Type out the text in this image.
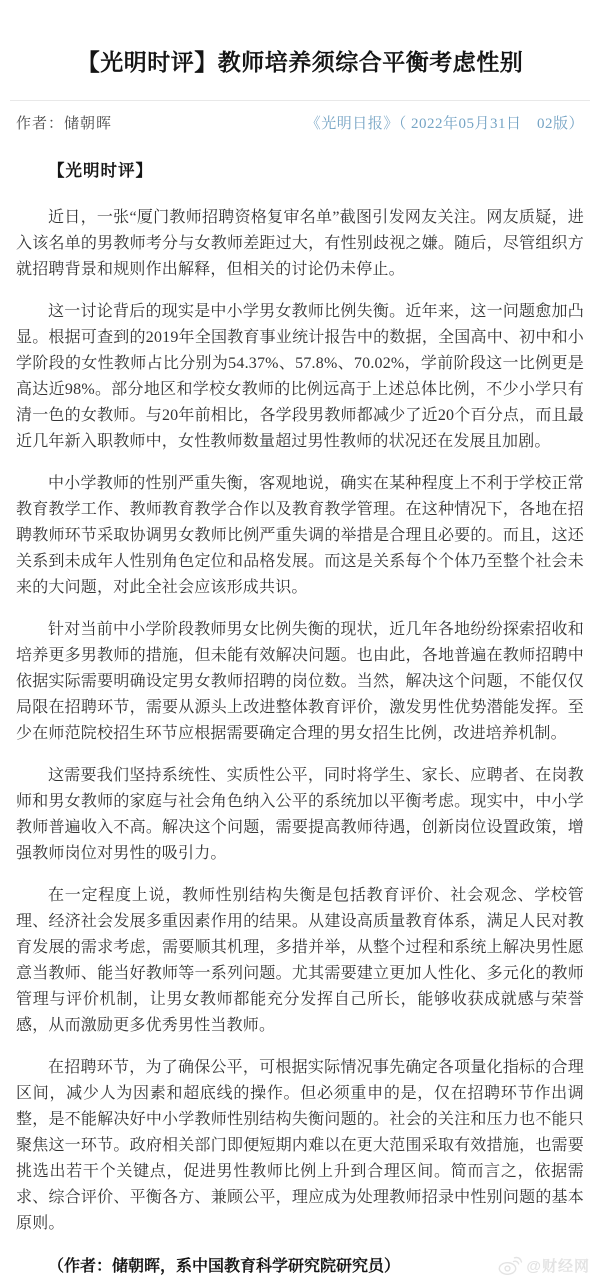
【光明时评】教师培养须综合平衡考虑性别
作者：储朝晖	《光明日报》（ 2022年05月31日　02版）

【光明时评】

近日，一张“厦门教师招聘资格复审名单”截图引发网友关注。网友质疑，进入该名单的男教师考分与女教师差距过大，有性别歧视之嫌。随后，尽管组织方就招聘背景和规则作出解释，但相关的讨论仍未停止。

这一讨论背后的现实是中小学男女教师比例失衡。近年来，这一问题愈加凸显。根据可查到的2019年全国教育事业统计报告中的数据，全国高中、初中和小学阶段的女性教师占比分别为54.37%、57.8%、70.02%，学前阶段这一比例更是高达近98%。部分地区和学校女教师的比例远高于上述总体比例，不少小学只有清一色的女教师。与20年前相比，各学段男教师都减少了近20个百分点，而且最近几年新入职教师中，女性教师数量超过男性教师的状况还在发展且加剧。

中小学教师的性别严重失衡，客观地说，确实在某种程度上不利于学校正常教育教学工作、教师教育教学合作以及教育教学管理。在这种情况下，各地在招聘教师环节采取协调男女教师比例严重失调的举措是合理且必要的。而且，这还关系到未成年人性别角色定位和品格发展。而这是关系每个个体乃至整个社会未来的大问题，对此全社会应该形成共识。

针对当前中小学阶段教师男女比例失衡的现状，近几年各地纷纷探索招收和培养更多男教师的措施，但未能有效解决问题。也由此，各地普遍在教师招聘中依据实际需要明确设定男女教师招聘的岗位数。当然，解决这个问题，不能仅仅局限在招聘环节，需要从源头上改进整体教育评价，激发男性优势潜能发挥。至少在师范院校招生环节应根据需要确定合理的男女招生比例，改进培养机制。

这需要我们坚持系统性、实质性公平，同时将学生、家长、应聘者、在岗教师和男女教师的家庭与社会角色纳入公平的系统加以平衡考虑。现实中，中小学教师普遍收入不高。解决这个问题，需要提高教师待遇，创新岗位设置政策，增强教师岗位对男性的吸引力。

在一定程度上说，教师性别结构失衡是包括教育评价、社会观念、学校管理、经济社会发展多重因素作用的结果。从建设高质量教育体系，满足人民对教育发展的需求考虑，需要顺其机理，多措并举，从整个过程和系统上解决男性愿意当教师、能当好教师等一系列问题。尤其需要建立更加人性化、多元化的教师管理与评价机制，让男女教师都能充分发挥自己所长，能够收获成就感与荣誉感，从而激励更多优秀男性当教师。

在招聘环节，为了确保公平，可根据实际情况事先确定各项量化指标的合理区间，减少人为因素和超底线的操作。但必须重申的是，仅在招聘环节作出调整，是不能解决好中小学教师性别结构失衡问题的。社会的关注和压力也不能只聚焦这一环节。政府相关部门即便短期内难以在更大范围采取有效措施，也需要挑选出若干个关键点，促进男性教师比例上升到合理区间。简而言之，依据需求、综合评价、平衡各方、兼顾公平，理应成为处理教师招录中性别问题的基本原则。

（作者：储朝晖，系中国教育科学研究院研究员）	@财经网
